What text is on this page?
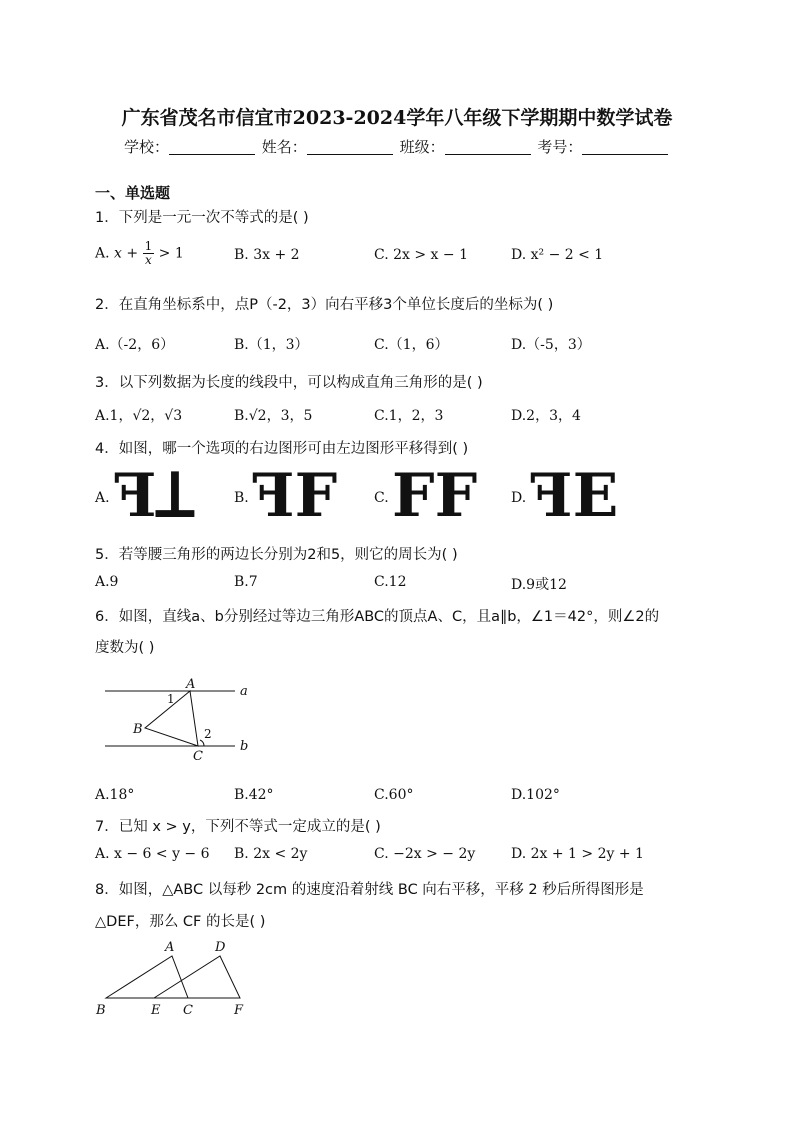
广东省茂名市信宜市2023-2024学年八年级下学期期中数学试卷
学校：	姓名：	班级：	考号：
一、单选题
1．下列是一元一次不等式的是( )
A. $x + \frac{1}{x} > 1$	B. 3x + 2	C. 2x > x − 1	D. x² − 2 < 1
2．在直角坐标系中，点P（-2，3）向右平移3个单位长度后的坐标为( )
A.（-2，6）	B.（1，3）	C.（1，6）	D.（-5，3）
3．以下列数据为长度的线段中，可以构成直角三角形的是( )
A.1，√2，√3	B.√2，3，5	C.1，2，3	D.2，3，4
4．如图，哪一个选项的右边图形可由左边图形平移得到( )
A. ꟻꓕ	B. ꟻF	C. FF D. ꟻE
5．若等腰三角形的两边长分别为2和5，则它的周长为( )
A.9	B.7	C.12	D.9或12
6．如图，直线a、b分别经过等边三角形ABC的顶点A、C，且a∥b，∠1＝42°，则∠2的
度数为( )
A
B
C
a
b
1
2
A.18°	B.42°	C.60°	D.102°
7．已知 x > y，下列不等式一定成立的是( )
A. x − 6 < y − 6 B. 2x < 2y	C. −2x > − 2y	D. 2x + 1 > 2y + 1
8．如图，△ABC 以每秒 2cm 的速度沿着射线 BC 向右平移，平移 2 秒后所得图形是
△DEF，那么 CF 的长是( )
A	D
B	E C	F
